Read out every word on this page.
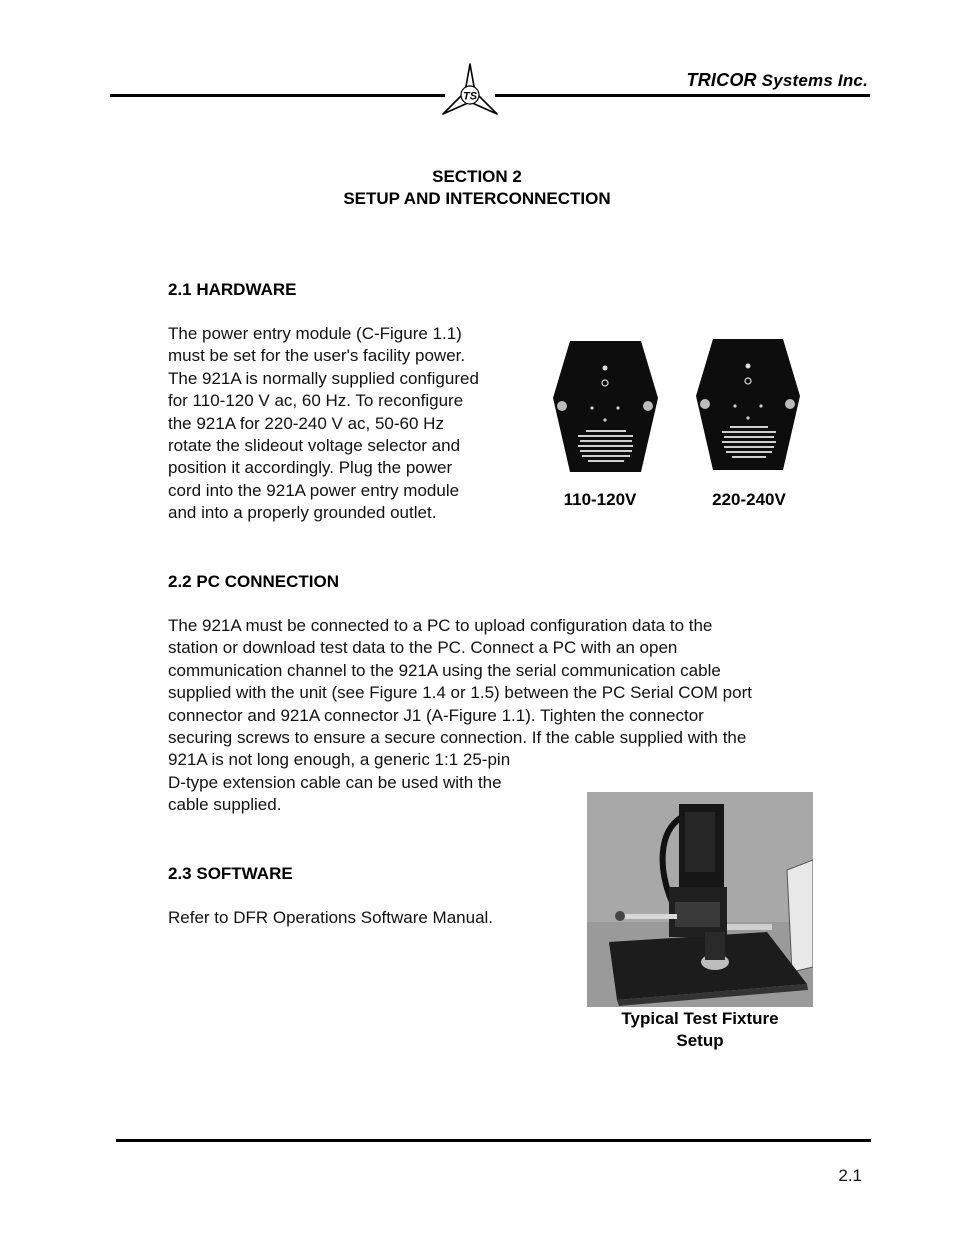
TS
TRICOR Systems Inc.
SECTION 2
SETUP AND INTERCONNECTION
2.1 HARDWARE
The power entry module (C-Figure 1.1)
must be set for the user's facility power.
The 921A is normally supplied configured
for 110-120 V ac, 60 Hz. To reconfigure
the 921A for 220-240 V ac, 50-60 Hz
rotate the slideout voltage selector and
position it accordingly. Plug the power
cord into the 921A power entry module
and into a properly grounded outlet.
110-120V	220-240V
2.2 PC CONNECTION
The 921A must be connected to a PC to upload configuration data to the
station or download test data to the PC. Connect a PC with an open
communication channel to the 921A using the serial communication cable
supplied with the unit (see Figure 1.4 or 1.5) between the PC Serial COM port
connector and 921A connector J1 (A-Figure 1.1). Tighten the connector
securing screws to ensure a secure connection. If the cable supplied with the
921A is not long enough, a generic 1:1 25-pin
D-type extension cable can be used with the
cable supplied.
2.3 SOFTWARE
Refer to DFR Operations Software Manual.
Typical Test Fixture
Setup
2.1
